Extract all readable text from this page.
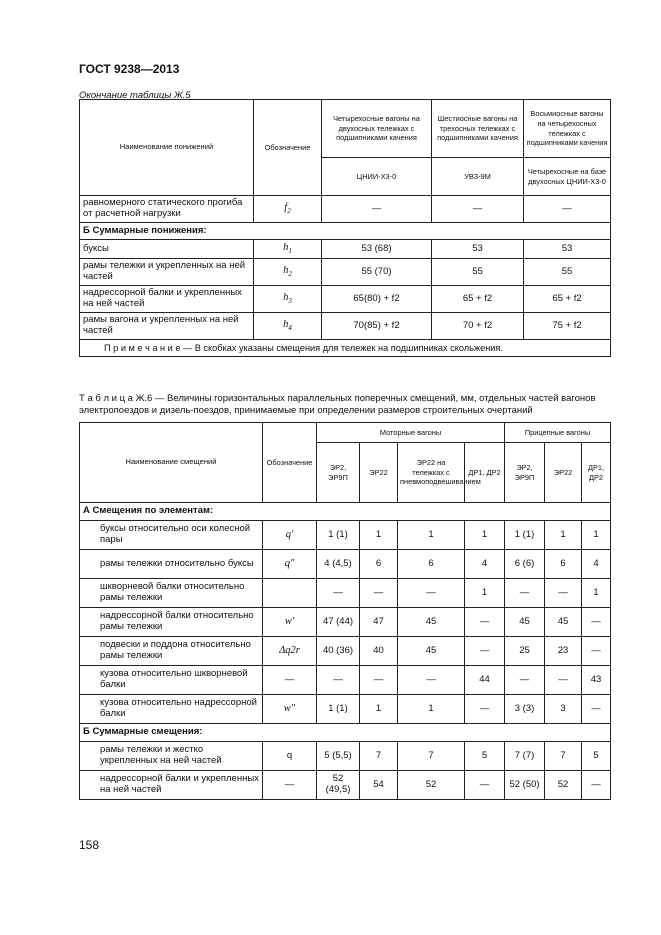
ГОСТ 9238—2013
Окончание таблицы Ж.5
Наименование понижений	Обозначение	Четырехосные вагоны на двухосных тележках с подшипниками качения	Шестиосные вагоны на трехосных тележках с подшипниками качения	Восьмиосные вагоны на четырехосных тележках с подшипниками качения
		ЦНИИ-Х3-0	УВЗ-9М	Четырехосные на базе двухосных ЦНИИ-Х3-0
равномерного статического прогиба от расчетной нагрузки	$f_2$	—	—	—
Б Суммарные понижения:				
буксы	$h_1$	53 (68)	53	53
рамы тележки и укрепленных на ней частей	$h_2$	55 (70)	55	55
надрессорной балки и укрепленных на ней частей	$h_3$	65(80) + f2	65 + f2	65 + f2
рамы вагона и укрепленных на ней частей	$h_4$	70(85) + f2	70 + f2	75 + f2
П р и м е ч а н и е — В скобках указаны смещения для тележек на подшипниках скольжения.				
Т а б л и ц а Ж.6 — Величины горизонтальных параллельных поперечных смещений, мм, отдельных частей вагонов электропоездов и дизель-поездов, принимаемые при определении размеров строительных очертаний
Наименование смещений	Обозначение	Моторные вагоны				Прицепные вагоны		
		ЭР2, ЭР9П	ЭР22	ЭР22 на тележках с пневмоподвешиванием	ДР1, ДР2	ЭР2, ЭР9П	ЭР22	ДР1, ДР2
А Смещения по элементам:								
буксы относительно оси колесной пары	q′	1 (1)	1	1	1	1 (1)	1	1
рамы тележки относительно буксы	q″	4 (4,5)	6	6	4	6 (6)	6	4
шкворневой балки относительно рамы тележки		—	—	—	1	—	—	1
надрессорной балки относительно рамы тележки	w′	47 (44)	47	45	—	45	45	—
подвески и поддона относительно рамы тележки	Δq2r	40 (36)	40	45	—	25	23	—
кузова относительно шкворневой балки	—	—	—	—	44	—	—	43
кузова относительно надрессорной балки	w″	1 (1)	1	1	—	3 (3)	3	—
Б Суммарные смещения:								
рамы тележки и жестко укрепленных на ней частей	q	5 (5,5)	7	7	5	7 (7)	7	5
надрессорной балки и укрепленных на ней частей	—	52 (49,5)	54	52	—	52 (50)	52	—
158
